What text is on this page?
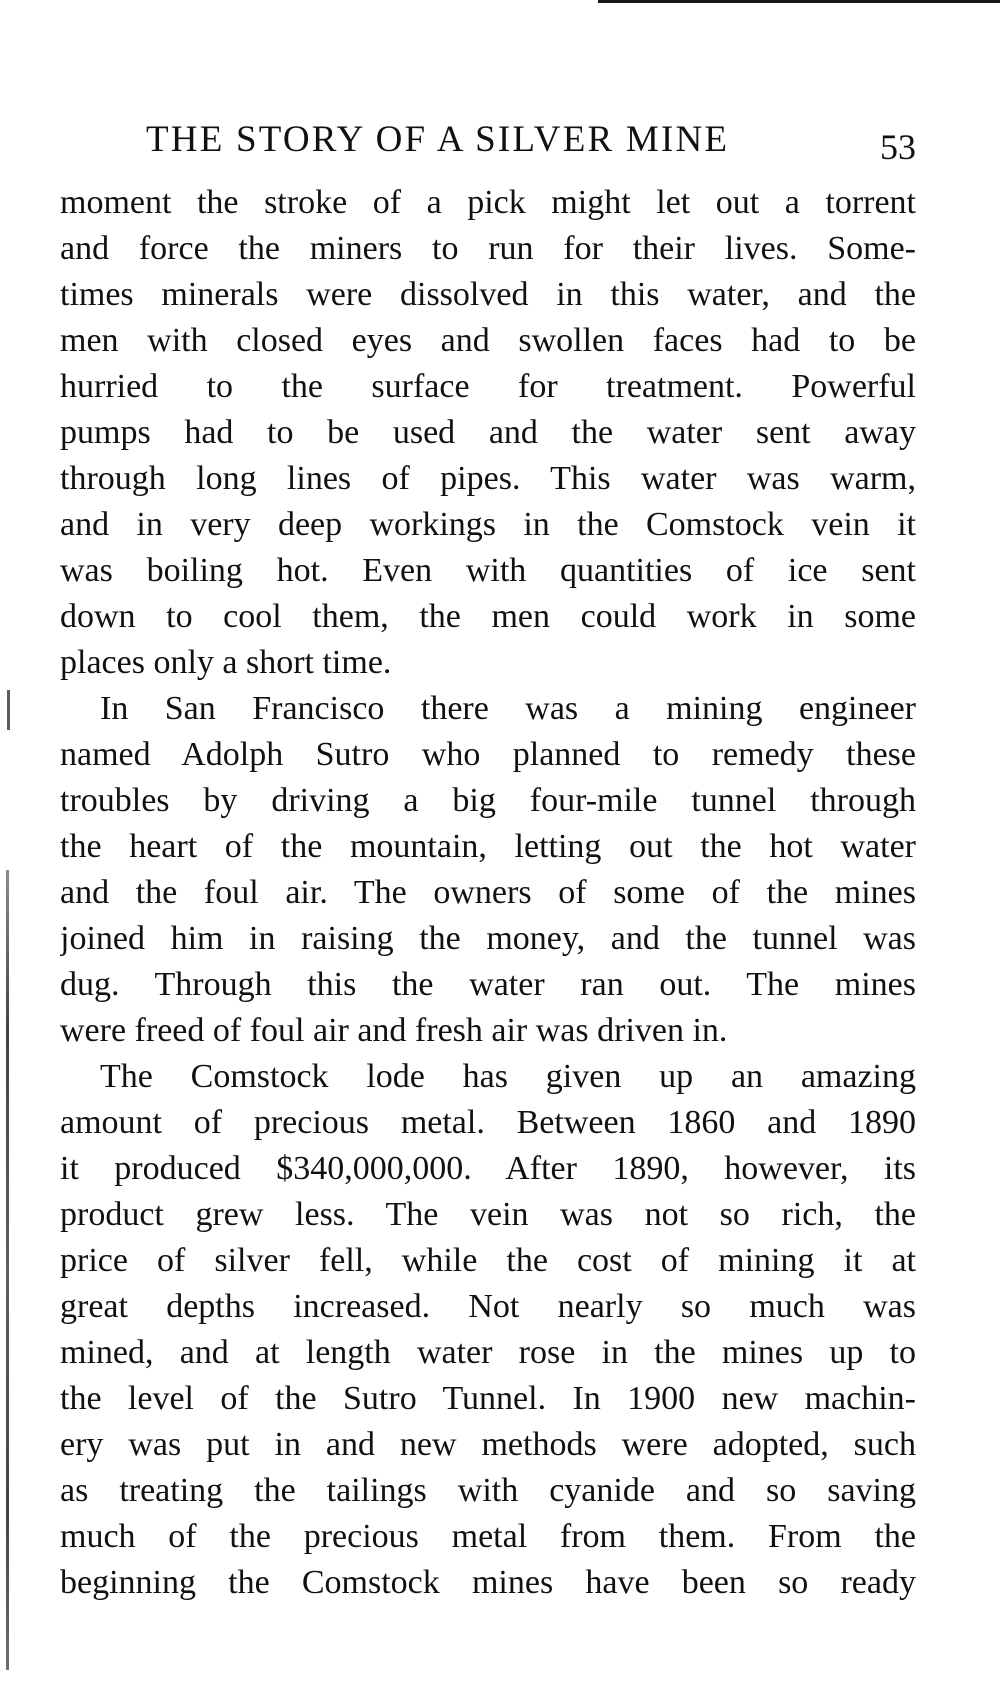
THE STORY OF A SILVER MINE	53
moment the stroke of a pick might let out a torrent
and force the miners to run for their lives. Some-
times minerals were dissolved in this water, and the
men with closed eyes and swollen faces had to be
hurried to the surface for treatment. Powerful
pumps had to be used and the water sent away
through long lines of pipes. This water was warm,
and in very deep workings in the Comstock vein it
was boiling hot. Even with quantities of ice sent
down to cool them, the men could work in some
places only a short time.
In San Francisco there was a mining engineer
named Adolph Sutro who planned to remedy these
troubles by driving a big four-mile tunnel through
the heart of the mountain, letting out the hot water
and the foul air. The owners of some of the mines
joined him in raising the money, and the tunnel was
dug. Through this the water ran out. The mines
were freed of foul air and fresh air was driven in.
The Comstock lode has given up an amazing
amount of precious metal. Between 1860 and 1890
it produced $340,000,000. After 1890, however, its
product grew less. The vein was not so rich, the
price of silver fell, while the cost of mining it at
great depths increased. Not nearly so much was
mined, and at length water rose in the mines up to
the level of the Sutro Tunnel. In 1900 new machin-
ery was put in and new methods were adopted, such
as treating the tailings with cyanide and so saving
much of the precious metal from them. From the
beginning the Comstock mines have been so ready
